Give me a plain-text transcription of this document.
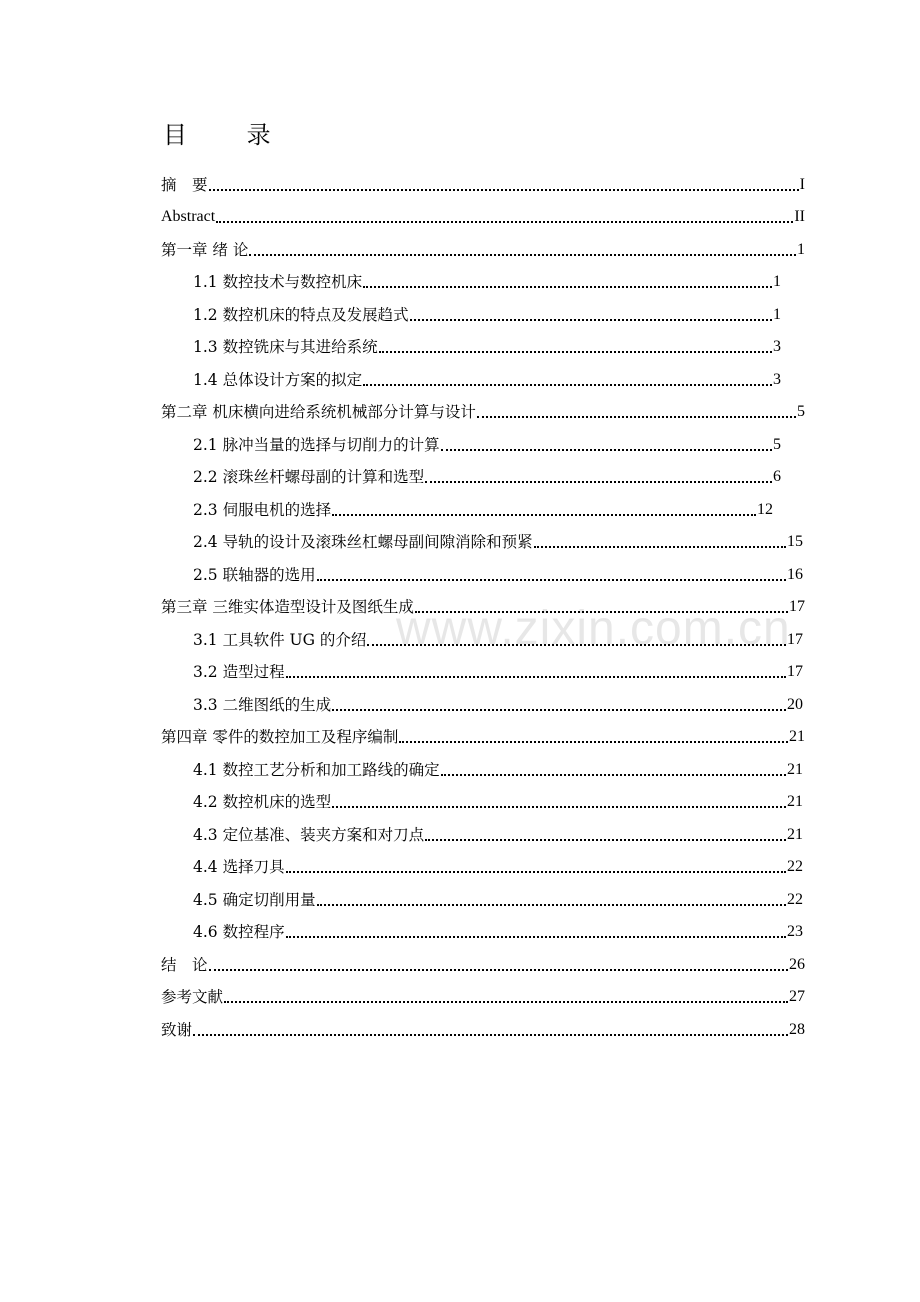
目 录
www.zixin.com.cn
摘　要	I
Abstract	II
第一章 绪 论	1
1.1 数控技术与数控机床	1
1.2 数控机床的特点及发展趋式	1
1.3 数控铣床与其进给系统	3
1.4 总体设计方案的拟定	3
第二章 机床横向进给系统机械部分计算与设计	5
2.1 脉冲当量的选择与切削力的计算	5
2.2 滚珠丝杆螺母副的计算和选型	6
2.3 伺服电机的选择	12
2.4 导轨的设计及滚珠丝杠螺母副间隙消除和预紧	15
2.5 联轴器的选用	16
第三章 三维实体造型设计及图纸生成	17
3.1 工具软件 UG 的介绍	17
3.2 造型过程	17
3.3 二维图纸的生成	20
第四章 零件的数控加工及程序编制	21
4.1 数控工艺分析和加工路线的确定	21
4.2 数控机床的选型	21
4.3 定位基准、装夹方案和对刀点	21
4.4 选择刀具	22
4.5 确定切削用量	22
4.6 数控程序	23
结　论	26
参考文献	27
致谢	28
